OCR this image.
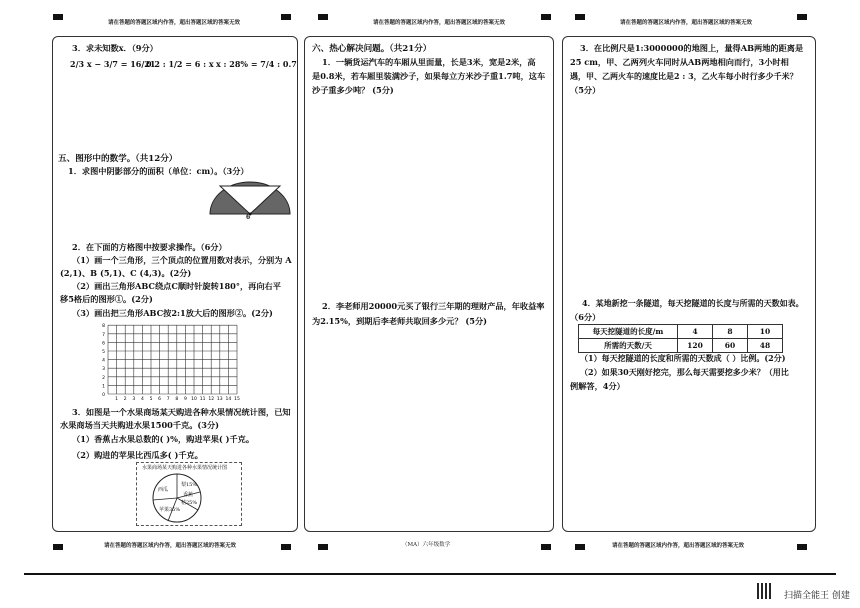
请在答题的答题区域内作答，超出答题区域的答案无效	请在答题的答题区域内作答，超出答题区域的答案无效	请在答题的答题区域内作答，超出答题区域的答案无效
请在答题的答题区域内作答，超出答题区域的答案无效	（MA）六年级数学	请在答题的答题区域内作答，超出答题区域的答案无效
3．求未知数x．（9分）
2/3 x − 3/7 = 16/21
0.2 : 1/2 = 6 : x x : 28% = 7/4 : 0.7
五、图形中的数学。（共12分）
1．求图中阴影部分的面积（单位：cm）。（3分）
6
2．在下面的方格图中按要求操作。（6分）
（1）画一个三角形，三个顶点的位置用数对表示，分别为 A
(2,1)、B (5,1)、C (4,3)。(2分)
（2）画出三角形ABC绕点C顺时针旋转180°，再向右平
移5格后的图形①。(2分)
（3）画出把三角形ABC按2:1放大后的图形②。(2分)
8
7
6
5
4
3
2
1
0
1 2 3 4 5 6 7 8 9 10 11 12 13 14 15
3．如图是一个水果商场某天购进各种水果情况统计图，已知
水果商场当天共购进水果1500千克。(3分)
（1）香蕉占水果总数的( )%，购进苹果( )千克。
（2）购进的苹果比西瓜多( )千克。
水果商场某天购进各种水果情况统计图
西瓜
梨15%
香蕉
桔25%
苹果35%
六、热心解决问题。（共21分）
1．一辆货运汽车的车厢从里面量，长是3米，宽是2米，高
是0.8米，若车厢里装满沙子，如果每立方米沙子重1.7吨，这车
沙子重多少吨？ (5分)
2．李老师用20000元买了银行三年期的理财产品，年收益率
为2.15%，到期后李老师共取回多少元？ (5分)
3．在比例尺是1:3000000的地图上，量得AB两地的距离是
25 cm，甲、乙两列火车同时从AB两地相向而行，3小时相
遇，甲、乙两火车的速度比是2 : 3，乙火车每小时行多少千米？
（5分）
4．某地新挖一条隧道，每天挖隧道的长度与所需的天数如表。
（6分）
每天挖隧道的长度/m	4	8	10
所需的天数/天	120	60	48
（1）每天挖隧道的长度和所需的天数成（ ）比例。(2分)
（2）如果30天刚好挖完，那么每天需要挖多少米？（用比
例解答，4分）
扫描全能王 创建
